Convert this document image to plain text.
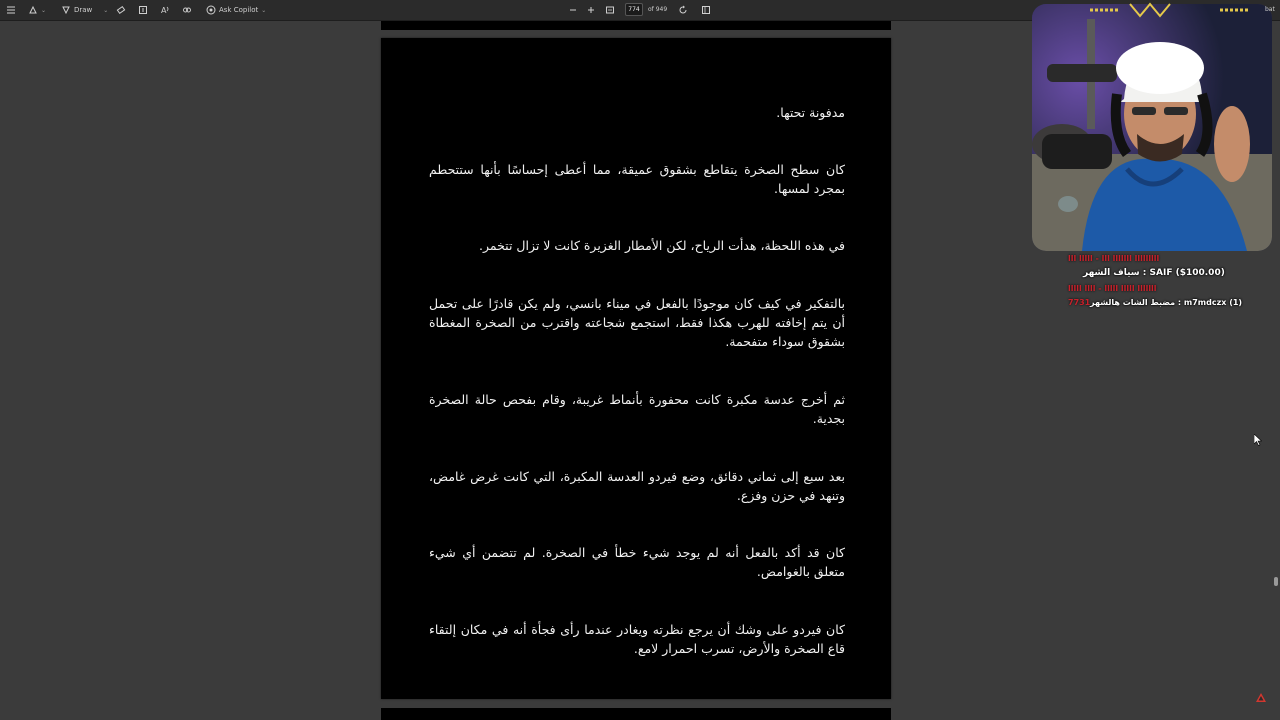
⌄	Draw ⌄	A	Ask Copilot ⌄
774	of 949

مدفونة تحتها.

كان سطح الصخرة يتقاطع بشقوق عميقة، مما أعطى إحساسًا بأنها ستتحطم بمجرد لمسها.

في هذه اللحظة، هدأت الرياح، لكن الأمطار الغزيرة كانت لا تزال تتخمر.

بالتفكير في كيف كان موجودًا بالفعل في ميناء بانسي، ولم يكن قادرًا على تحمل أن يتم إخافته للهرب هكذا فقط، استجمع شجاعته واقترب من الصخرة المغطاة بشقوق سوداء متفحمة.

ثم أخرج عدسة مكبرة كانت محفورة بأنماط غريبة، وقام بفحص حالة الصخرة بجدية.

بعد سبع إلى ثماني دقائق، وضع فيردو العدسة المكبرة، التي كانت غرض غامض، وتنهد في حزن وفزع.

كان قد أكد بالفعل أنه لم يوجد شيء خطأ في الصخرة. لم تتضمن أي شيء متعلق بالغوامض.

كان فيردو على وشك أن يرجع نظرته ويغادر عندما رأى فجأة أنه في مكان إلتقاء قاع الصخرة والأرض، تسرب احمرار لامع.

bat
ااااااااا ااااااا ااا - ااااا ااا
سياف الشهر : SAIF ($100.00)
ااااااا ااااا ااااا - اااا ااااا
7731 مضبط الشات هالشهر : m7mdczx (1)
